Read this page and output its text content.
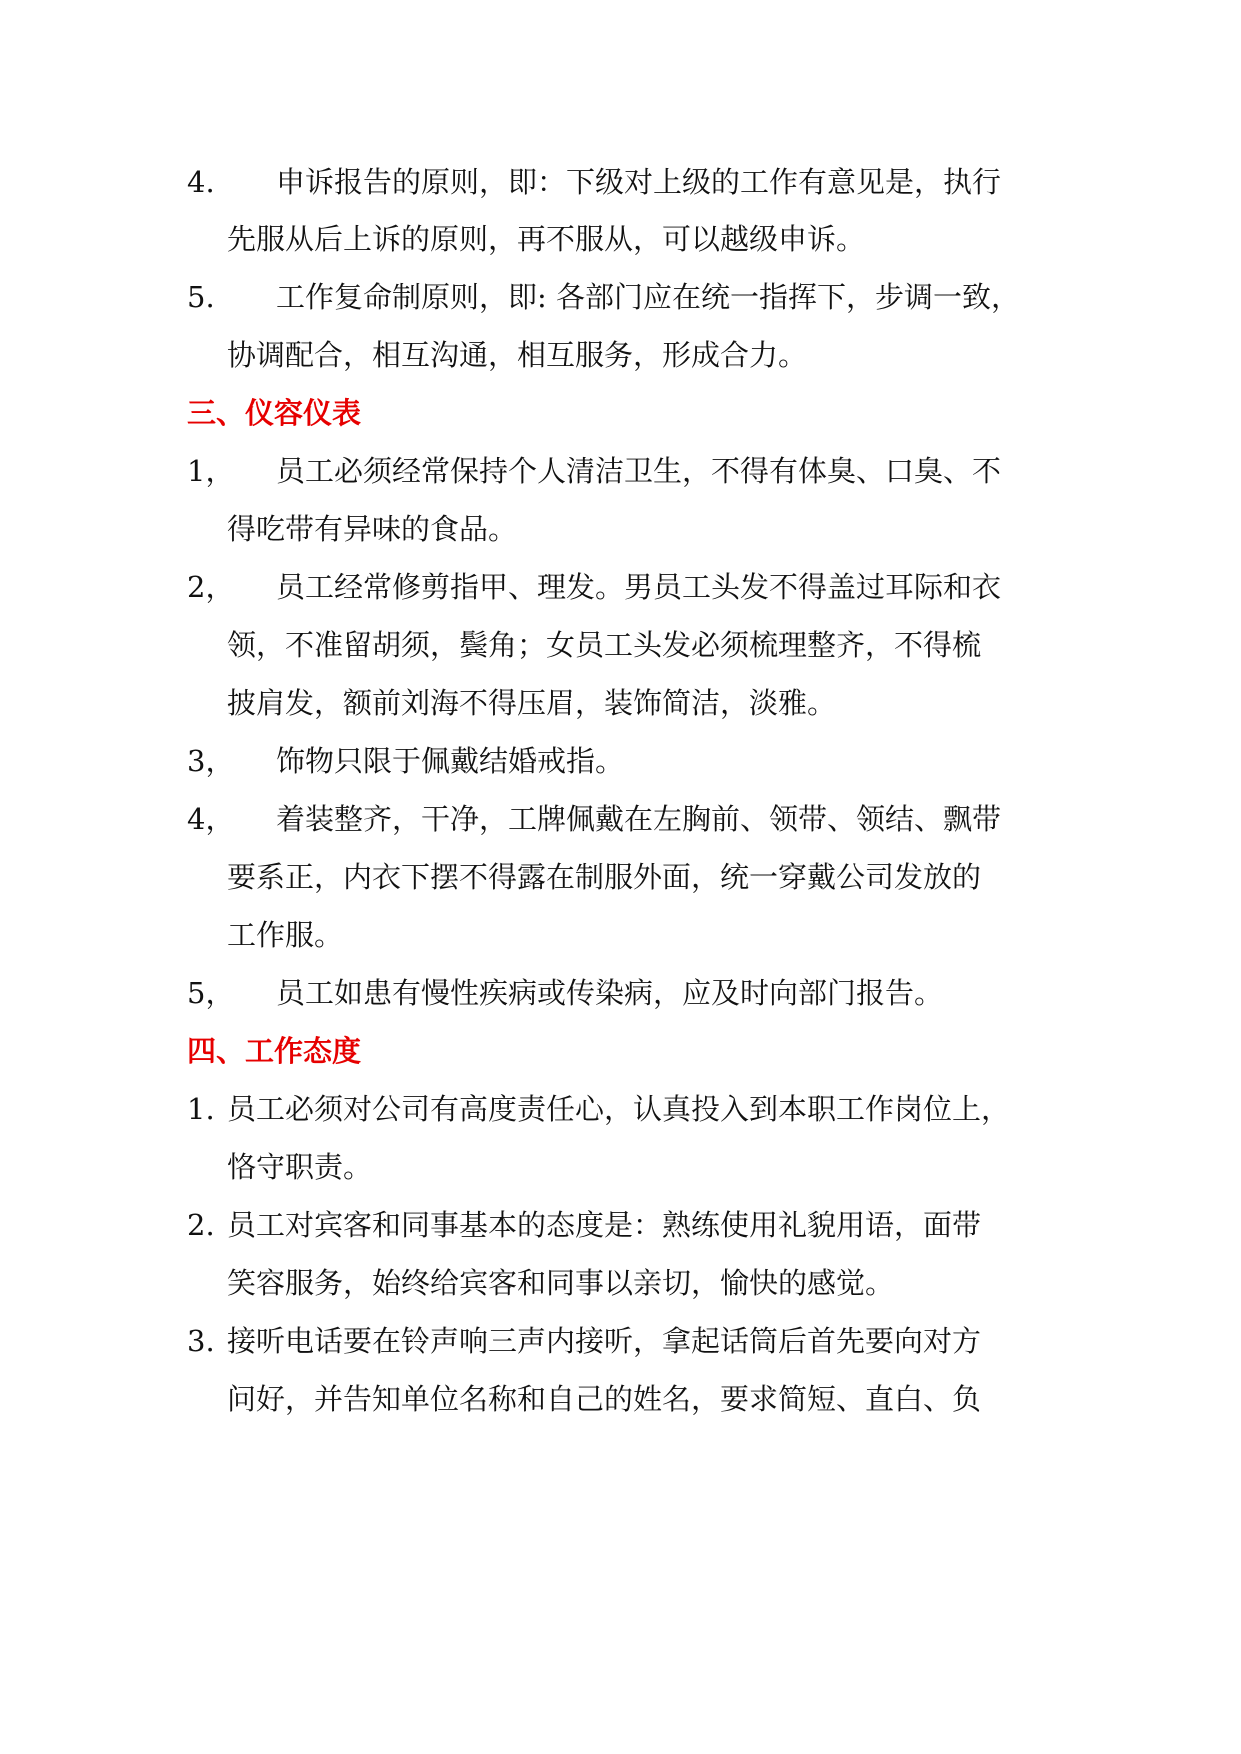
4. 申诉报告的原则，即：下级对上级的工作有意见是，执行
先服从后上诉的原则，再不服从，可以越级申诉。
5. 工作复命制原则，即: 各部门应在统一指挥下，步调一致，
协调配合，相互沟通，相互服务，形成合力。
三、仪容仪表
1， 员工必须经常保持个人清洁卫生，不得有体臭、口臭、不
得吃带有异味的食品。
2， 员工经常修剪指甲、理发。男员工头发不得盖过耳际和衣
领，不准留胡须，鬓角；女员工头发必须梳理整齐，不得梳
披肩发，额前刘海不得压眉，装饰简洁，淡雅。
3， 饰物只限于佩戴结婚戒指。
4， 着装整齐，干净，工牌佩戴在左胸前、领带、领结、飘带
要系正，内衣下摆不得露在制服外面，统一穿戴公司发放的
工作服。
5， 员工如患有慢性疾病或传染病，应及时向部门报告。
四、工作态度
1. 员工必须对公司有高度责任心，认真投入到本职工作岗位上，
恪守职责。
2. 员工对宾客和同事基本的态度是：熟练使用礼貌用语，面带
笑容服务，始终给宾客和同事以亲切，愉快的感觉。
3. 接听电话要在铃声响三声内接听，拿起话筒后首先要向对方
问好，并告知单位名称和自己的姓名，要求简短、直白、负
